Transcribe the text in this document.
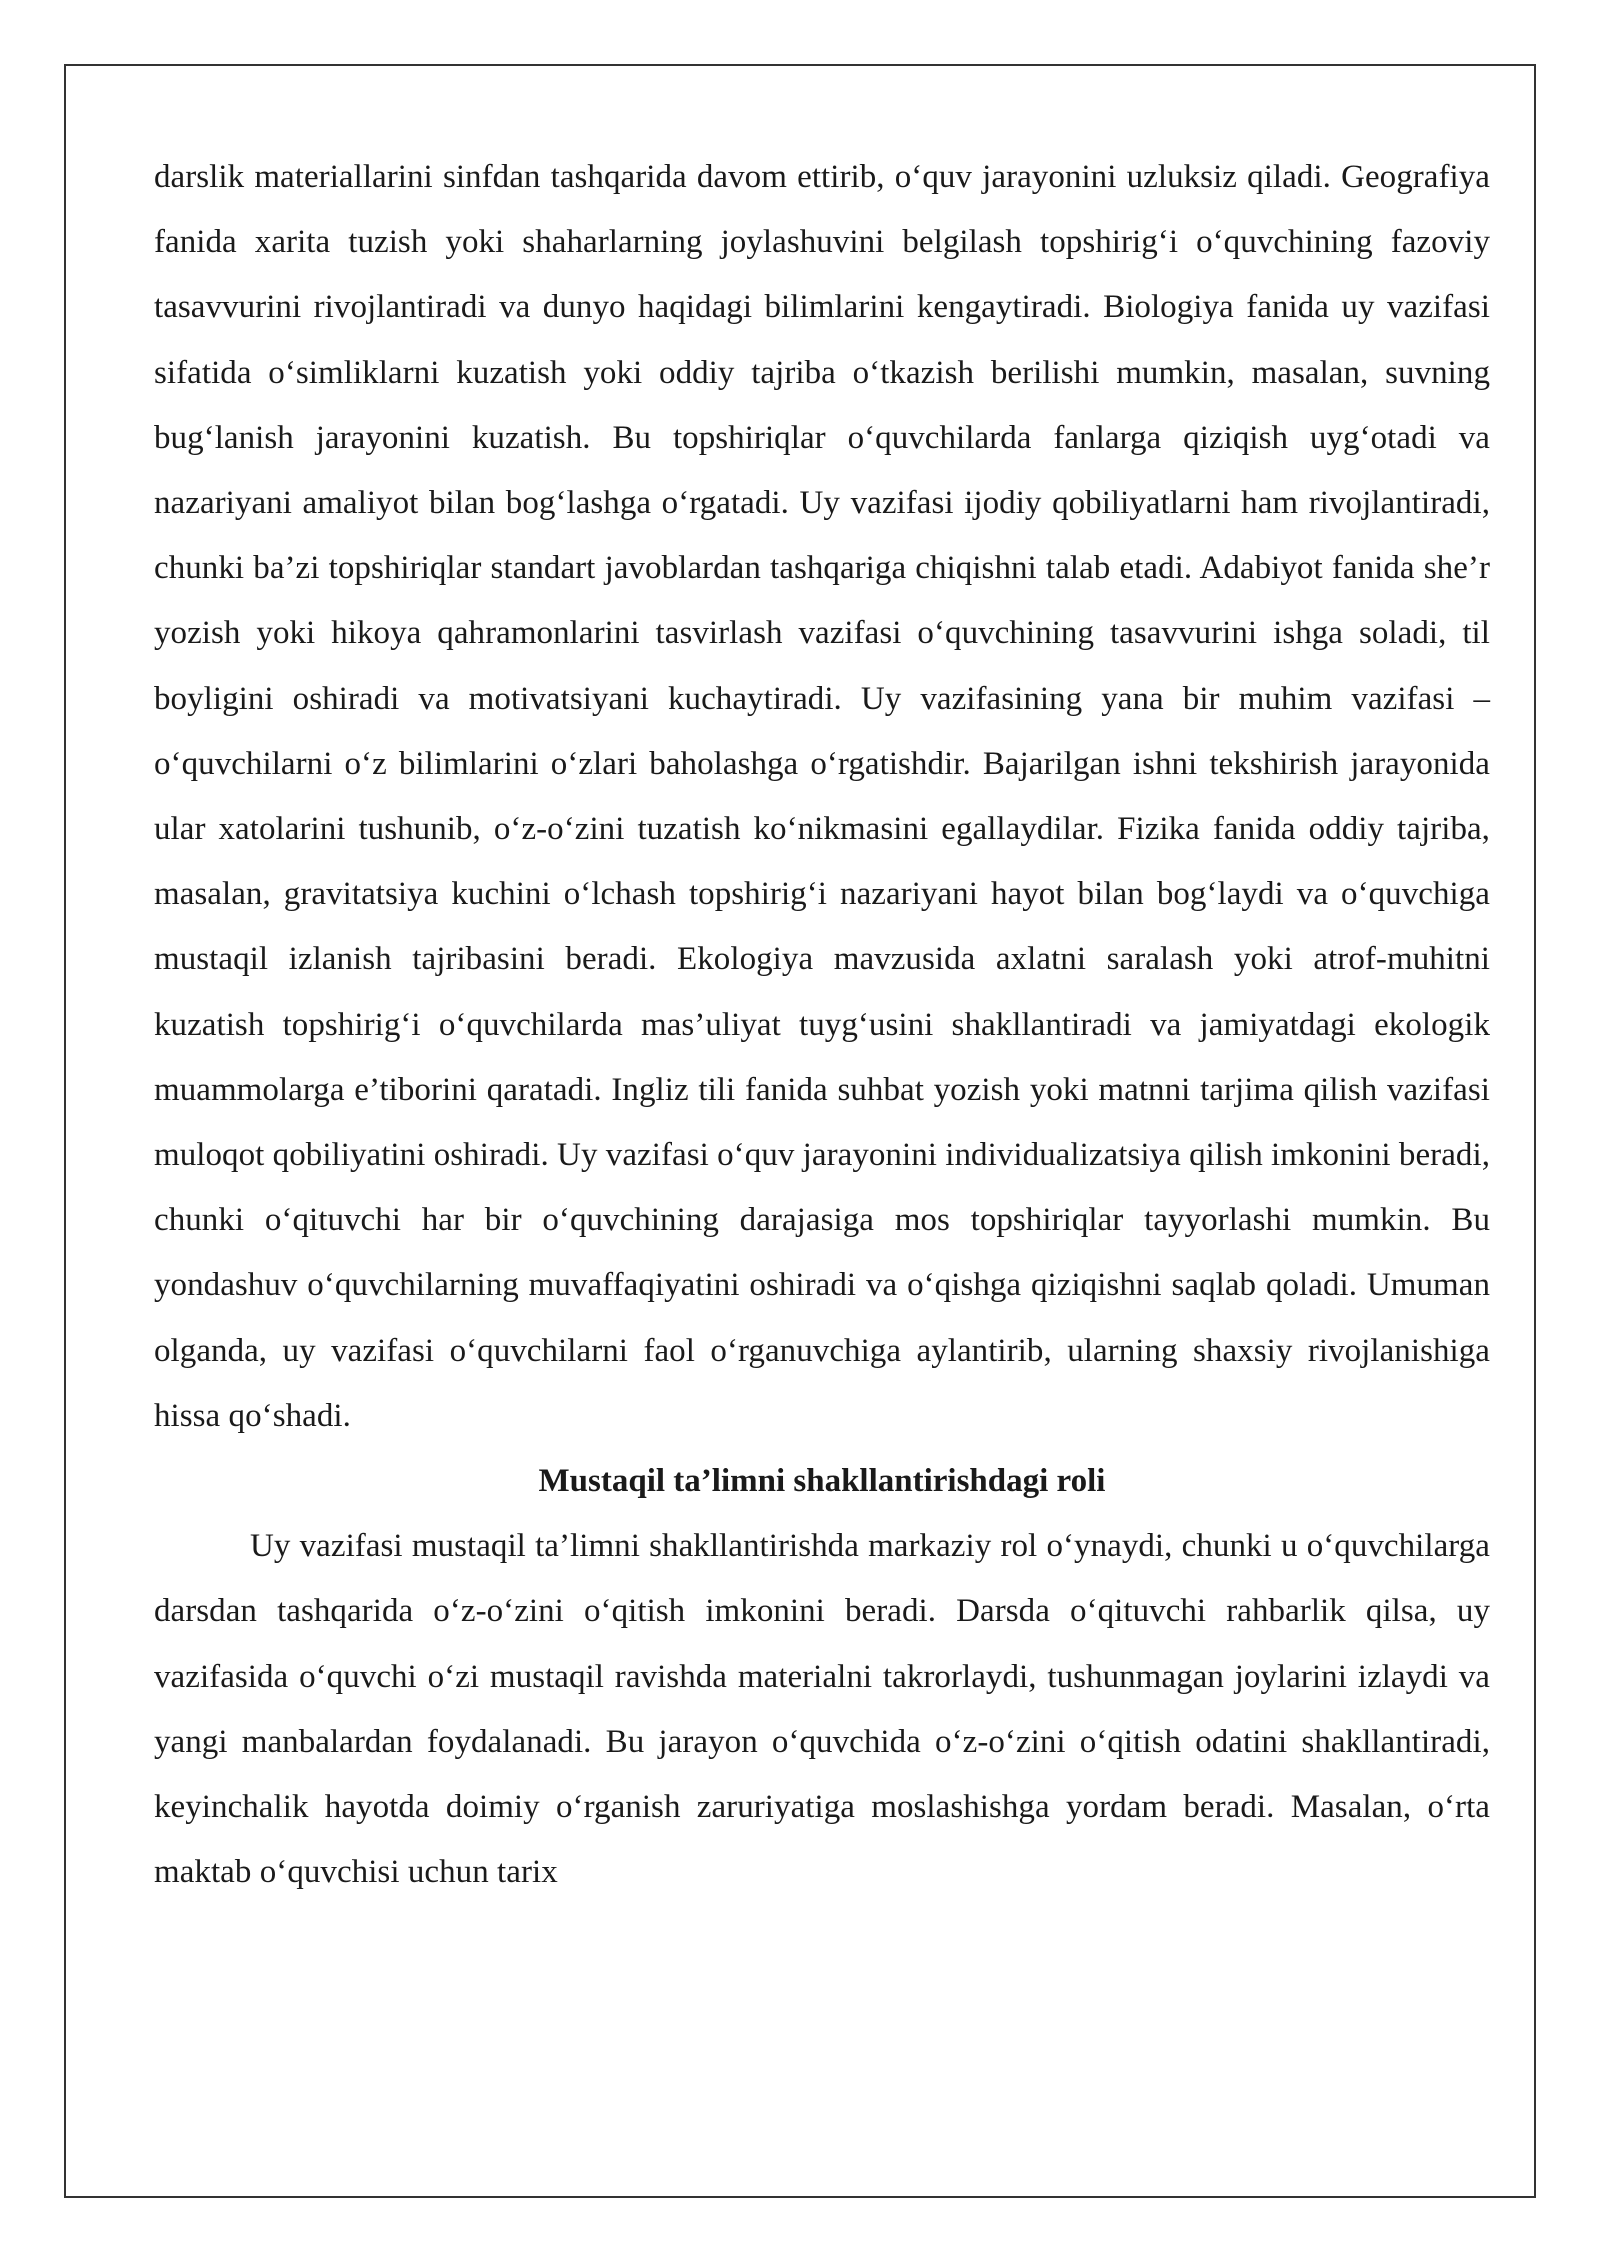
darslik materiallarini sinfdan tashqarida davom ettirib, o‘quv jarayonini uzluksiz qiladi. Geografiya fanida xarita tuzish yoki shaharlarning joylashuvini belgilash topshirig‘i o‘quvchining fazoviy tasavvurini rivojlantiradi va dunyo haqidagi bilimlarini kengaytiradi. Biologiya fanida uy vazifasi sifatida o‘simliklarni kuzatish yoki oddiy tajriba o‘tkazish berilishi mumkin, masalan, suvning bug‘lanish jarayonini kuzatish. Bu topshiriqlar o‘quvchilarda fanlarga qiziqish uyg‘otadi va nazariyani amaliyot bilan bog‘lashga o‘rgatadi. Uy vazifasi ijodiy qobiliyatlarni ham rivojlantiradi, chunki ba’zi topshiriqlar standart javoblardan tashqariga chiqishni talab etadi. Adabiyot fanida she’r yozish yoki hikoya qahramonlarini tasvirlash vazifasi o‘quvchining tasavvurini ishga soladi, til boyligini oshiradi va motivatsiyani kuchaytiradi. Uy vazifasining yana bir muhim vazifasi – o‘quvchilarni o‘z bilimlarini o‘zlari baholashga o‘rgatishdir. Bajarilgan ishni tekshirish jarayonida ular xatolarini tushunib, o‘z-o‘zini tuzatish ko‘nikmasini egallaydilar. Fizika fanida oddiy tajriba, masalan, gravitatsiya kuchini o‘lchash topshirig‘i nazariyani hayot bilan bog‘laydi va o‘quvchiga mustaqil izlanish tajribasini beradi. Ekologiya mavzusida axlatni saralash yoki atrof-muhitni kuzatish topshirig‘i o‘quvchilarda mas’uliyat tuyg‘usini shakllantiradi va jamiyatdagi ekologik muammolarga e’tiborini qaratadi. Ingliz tili fanida suhbat yozish yoki matnni tarjima qilish vazifasi muloqot qobiliyatini oshiradi. Uy vazifasi o‘quv jarayonini individualizatsiya qilish imkonini beradi, chunki o‘qituvchi har bir o‘quvchining darajasiga mos topshiriqlar tayyorlashi mumkin. Bu yondashuv o‘quvchilarning muvaffaqiyatini oshiradi va o‘qishga qiziqishni saqlab qoladi. Umuman olganda, uy vazifasi o‘quvchilarni faol o‘rganuvchiga aylantirib, ularning shaxsiy rivojlanishiga hissa qo‘shadi.

Mustaqil ta’limni shakllantirishdagi roli

Uy vazifasi mustaqil ta’limni shakllantirishda markaziy rol o‘ynaydi, chunki u o‘quvchilarga darsdan tashqarida o‘z-o‘zini o‘qitish imkonini beradi. Darsda o‘qituvchi rahbarlik qilsa, uy vazifasida o‘quvchi o‘zi mustaqil ravishda materialni takrorlaydi, tushunmagan joylarini izlaydi va yangi manbalardan foydalanadi. Bu jarayon o‘quvchida o‘z-o‘zini o‘qitish odatini shakllantiradi, keyinchalik hayotda doimiy o‘rganish zaruriyatiga moslashishga yordam beradi. Masalan, o‘rta maktab o‘quvchisi uchun tarix
